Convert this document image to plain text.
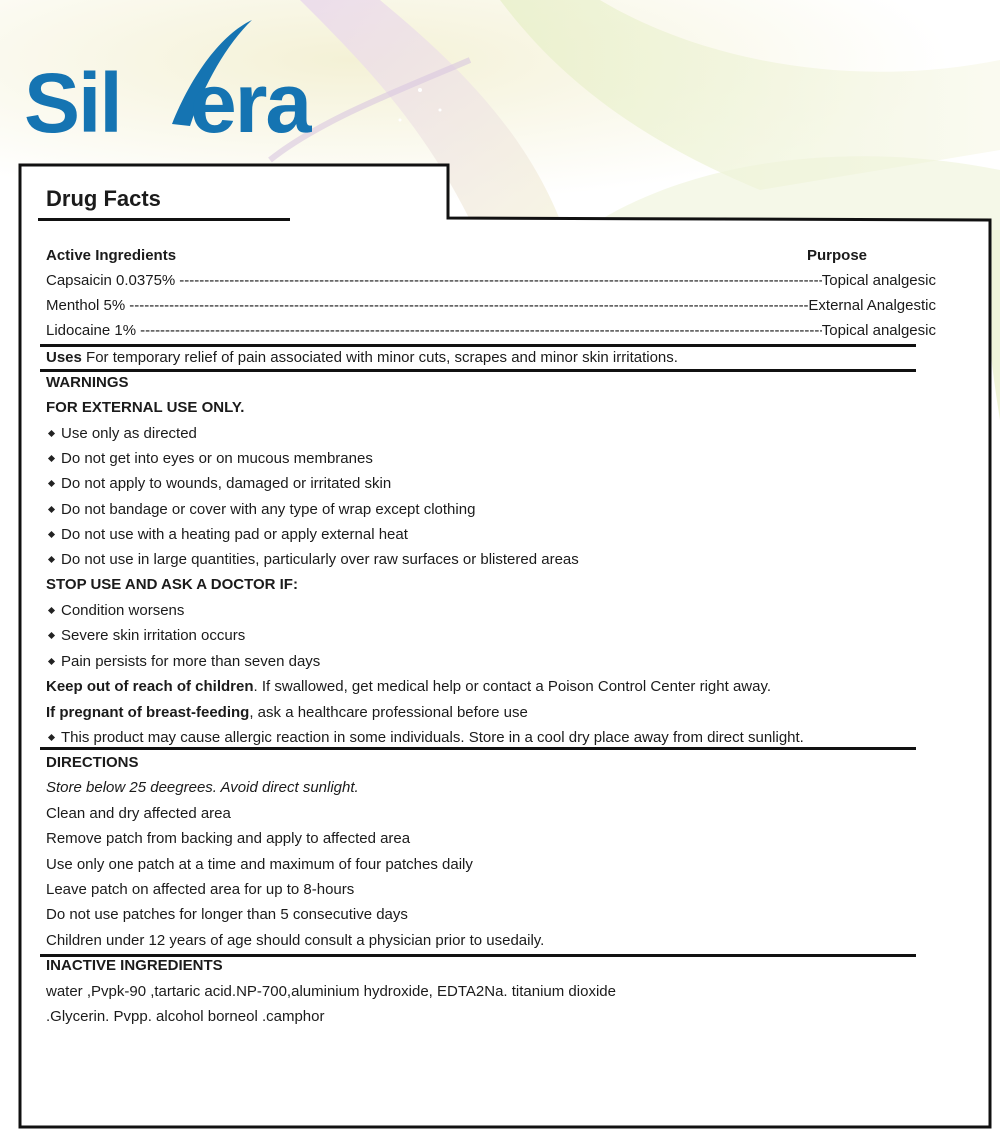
Sil era
Drug Facts
Active Ingredients	Purpose
Capsaicin 0.0375% -----	Topical analgesic
Menthol 5% -----	External Analgestic
Lidocaine 1% -----	Topical analgesic
Uses For temporary relief of pain associated with minor cuts, scrapes and minor skin irritations.
WARNINGS
FOR EXTERNAL USE ONLY.
Use only as directed
Do not get into eyes or on mucous membranes
Do not apply to wounds, damaged or irritated skin
Do not bandage or cover with any type of wrap except clothing
Do not use with a heating pad or apply external heat
Do not use in large quantities, particularly over raw surfaces or blistered areas
STOP USE AND ASK A DOCTOR IF:
Condition worsens
Severe skin irritation occurs
Pain persists for more than seven days
Keep out of reach of children. If swallowed, get medical help or contact a Poison Control Center right away.
If pregnant of breast-feeding, ask a healthcare professional before use
This product may cause allergic reaction in some individuals. Store in a cool dry place away from direct sunlight.
DIRECTIONS
Store below 25 deegrees. Avoid direct sunlight.
Clean and dry affected area
Remove patch from backing and apply to affected area
Use only one patch at a time and maximum of four patches daily
Leave patch on affected area for up to 8-hours
Do not use patches for longer than 5 consecutive days
Children under 12 years of age should consult a physician prior to usedaily.
INACTIVE INGREDIENTS
water ,Pvpk-90 ,tartaric acid.NP-700,aluminium hydroxide, EDTA2Na. titanium dioxide
.Glycerin. Pvpp. alcohol borneol .camphor
